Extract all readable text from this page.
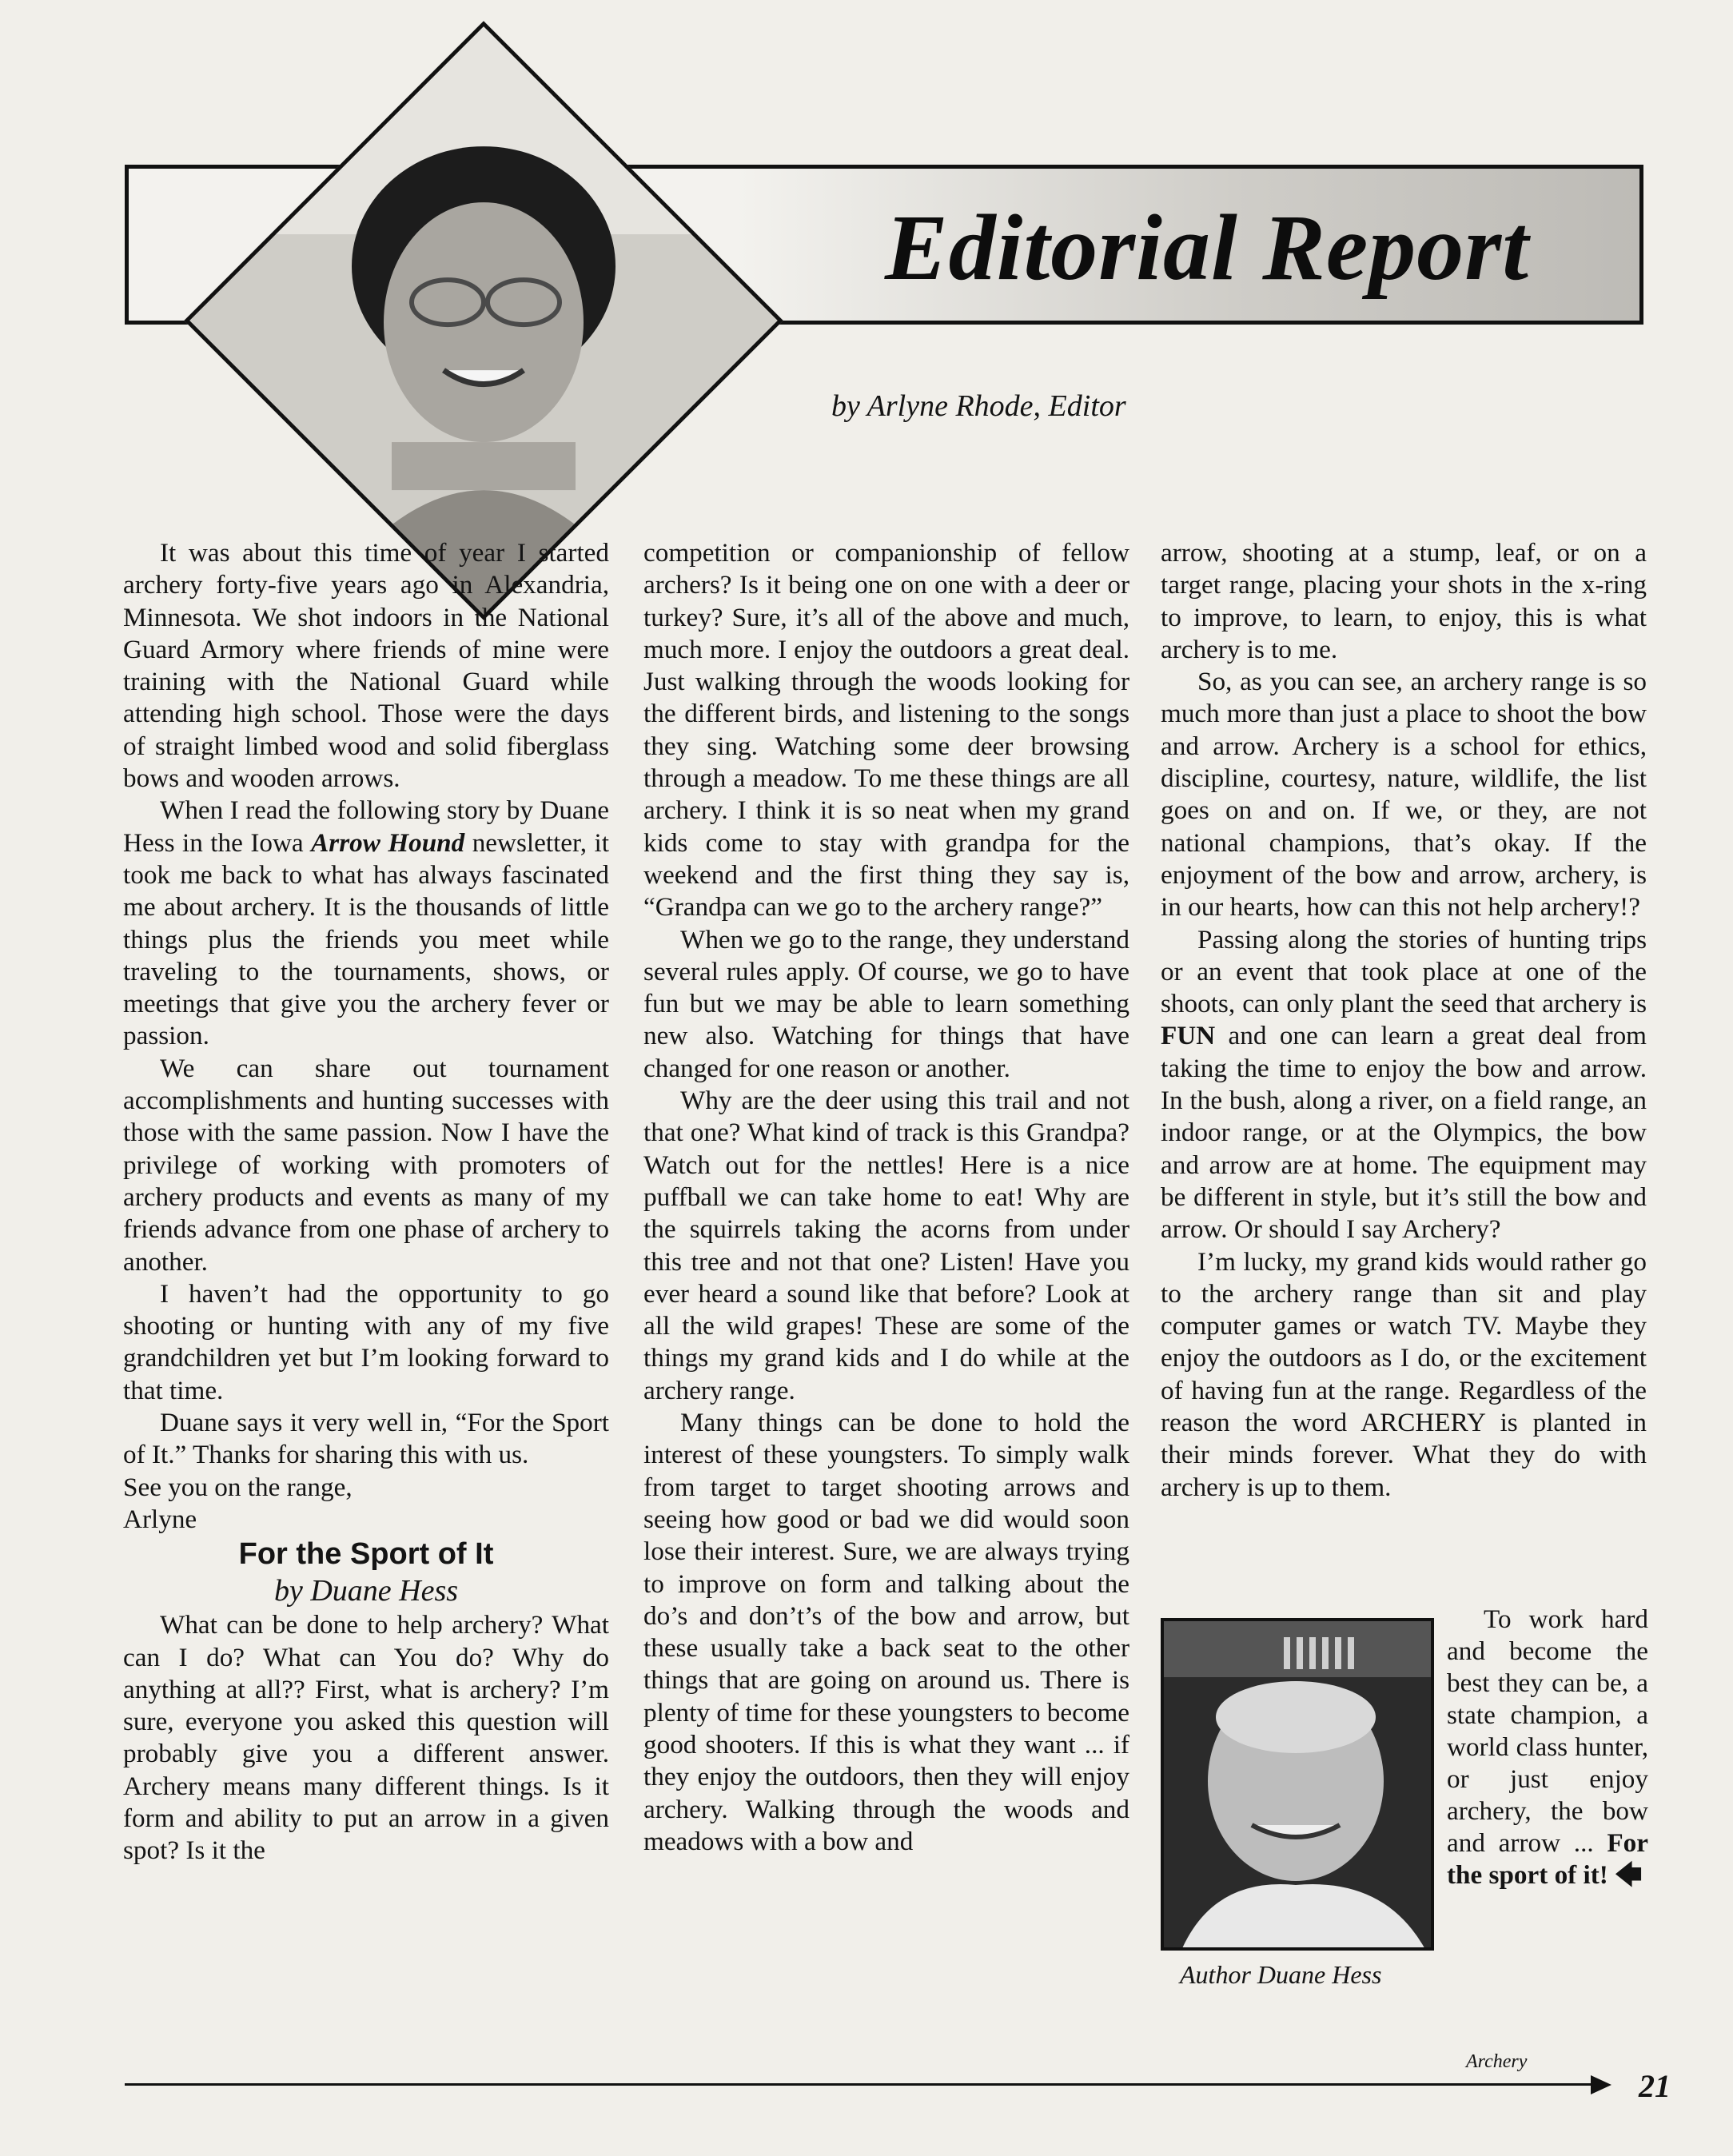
Editorial Report
by Arlyne Rhode, Editor

It was about this time of year I started archery forty-five years ago in Alexandria, Minnesota. We shot indoors in the National Guard Armory where friends of mine were training with the National Guard while attending high school. Those were the days of straight limbed wood and solid fiberglass bows and wooden arrows.

When I read the following story by Duane Hess in the Iowa Arrow Hound newsletter, it took me back to what has always fascinated me about archery. It is the thousands of little things plus the friends you meet while traveling to the tournaments, shows, or meetings that give you the archery fever or passion.

We can share out tournament accomplishments and hunting successes with those with the same passion. Now I have the privilege of working with promoters of archery products and events as many of my friends advance from one phase of archery to another.

I haven’t had the opportunity to go shooting or hunting with any of my five grandchildren yet but I’m looking forward to that time.

Duane says it very well in, “For the Sport of It.” Thanks for sharing this with us.

See you on the range,

Arlyne

For the Sport of It

by Duane Hess

What can be done to help archery? What can I do? What can You do? Why do anything at all?? First, what is archery? I’m sure, everyone you asked this question will probably give you a different answer. Archery means many different things. Is it form and ability to put an arrow in a given spot? Is it the

competition or companionship of fellow archers? Is it being one on one with a deer or turkey? Sure, it’s all of the above and much, much more. I enjoy the outdoors a great deal. Just walking through the woods looking for the different birds, and listening to the songs they sing. Watching some deer browsing through a meadow. To me these things are all archery. I think it is so neat when my grand kids come to stay with grandpa for the weekend and the first thing they say is, “Grandpa can we go to the archery range?”

When we go to the range, they understand several rules apply. Of course, we go to have fun but we may be able to learn something new also. Watching for things that have changed for one reason or another.

Why are the deer using this trail and not that one? What kind of track is this Grandpa? Watch out for the nettles! Here is a nice puffball we can take home to eat! Why are the squirrels taking the acorns from under this tree and not that one? Listen! Have you ever heard a sound like that before? Look at all the wild grapes! These are some of the things my grand kids and I do while at the archery range.

Many things can be done to hold the interest of these youngsters. To simply walk from target to target shooting arrows and seeing how good or bad we did would soon lose their interest. Sure, we are always trying to improve on form and talking about the do’s and don’t’s of the bow and arrow, but these usually take a back seat to the other things that are going on around us. There is plenty of time for these youngsters to become good shooters. If this is what they want ... if they enjoy the outdoors, then they will enjoy archery. Walking through the woods and meadows with a bow and

arrow, shooting at a stump, leaf, or on a target range, placing your shots in the x-ring to improve, to learn, to enjoy, this is what archery is to me.

So, as you can see, an archery range is so much more than just a place to shoot the bow and arrow. Archery is a school for ethics, discipline, courtesy, nature, wildlife, the list goes on and on. If we, or they, are not national champions, that’s okay. If the enjoyment of the bow and arrow, archery, is in our hearts, how can this not help archery!?

Passing along the stories of hunting trips or an event that took place at one of the shoots, can only plant the seed that archery is FUN and one can learn a great deal from taking the time to enjoy the bow and arrow. In the bush, along a river, on a field range, an indoor range, or at the Olympics, the bow and arrow are at home. The equipment may be different in style, but it’s still the bow and arrow. Or should I say Archery?

I’m lucky, my grand kids would rather go to the archery range than sit and play computer games or watch TV. Maybe they enjoy the outdoors as I do, or the excitement of having fun at the range. Regardless of the reason the word ARCHERY is planted in their minds forever. What they do with archery is up to them.

Author Duane Hess

To work hard and become the best they can be, a state champion, a world class hunter, or just enjoy archery, the bow and arrow ... For the sport of it! 🡄

Archery
21
